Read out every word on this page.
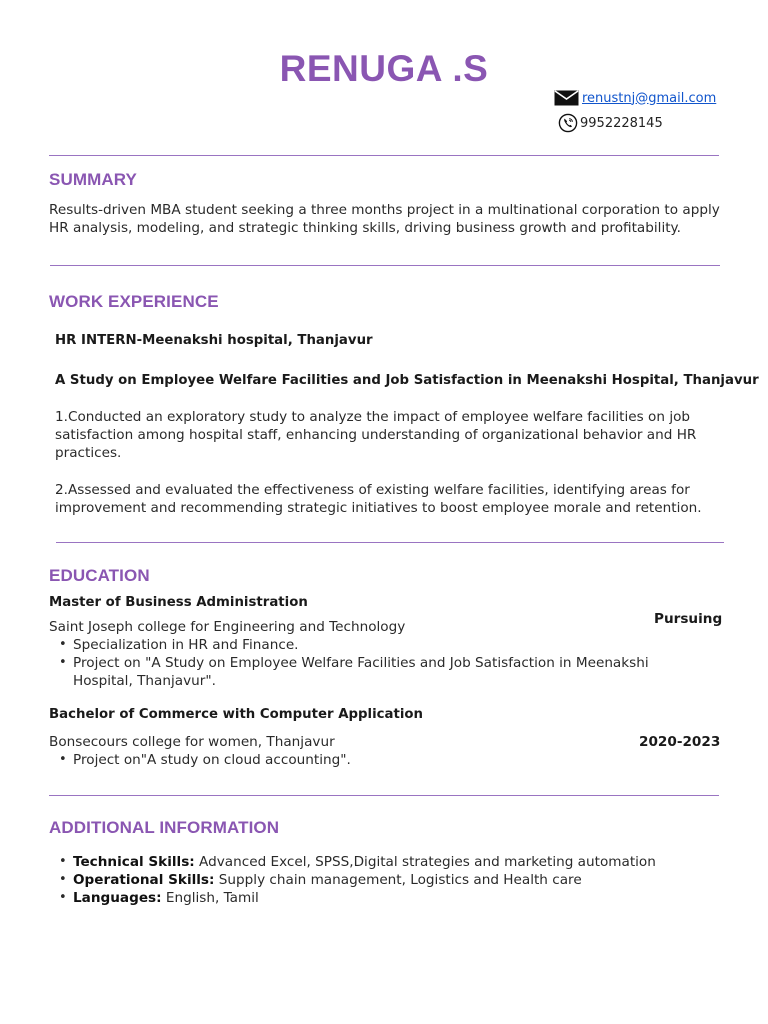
RENUGA .S
renustnj@gmail.com
9952228145
SUMMARY
Results-driven MBA student seeking a three months project in a multinational corporation to apply HR analysis, modeling, and strategic thinking skills, driving business growth and profitability.
WORK EXPERIENCE
HR INTERN-Meenakshi hospital, Thanjavur
A Study on Employee Welfare Facilities and Job Satisfaction in Meenakshi Hospital, Thanjavur
1.Conducted an exploratory study to analyze the impact of employee welfare facilities on job satisfaction among hospital staff, enhancing understanding of organizational behavior and HR practices.
2.Assessed and evaluated the effectiveness of existing welfare facilities, identifying areas for improvement and recommending strategic initiatives to boost employee morale and retention.
EDUCATION
Master of Business Administration
Pursuing
Saint Joseph college for Engineering and Technology
• Specialization in HR and Finance.
• Project on "A Study on Employee Welfare Facilities and Job Satisfaction in Meenakshi Hospital, Thanjavur".
Bachelor of Commerce with Computer Application
2020-2023
Bonsecours college for women, Thanjavur
• Project on"A study on cloud accounting".
ADDITIONAL INFORMATION
• Technical Skills: Advanced Excel, SPSS,Digital strategies and marketing automation
• Operational Skills: Supply chain management, Logistics and Health care
• Languages: English, Tamil
